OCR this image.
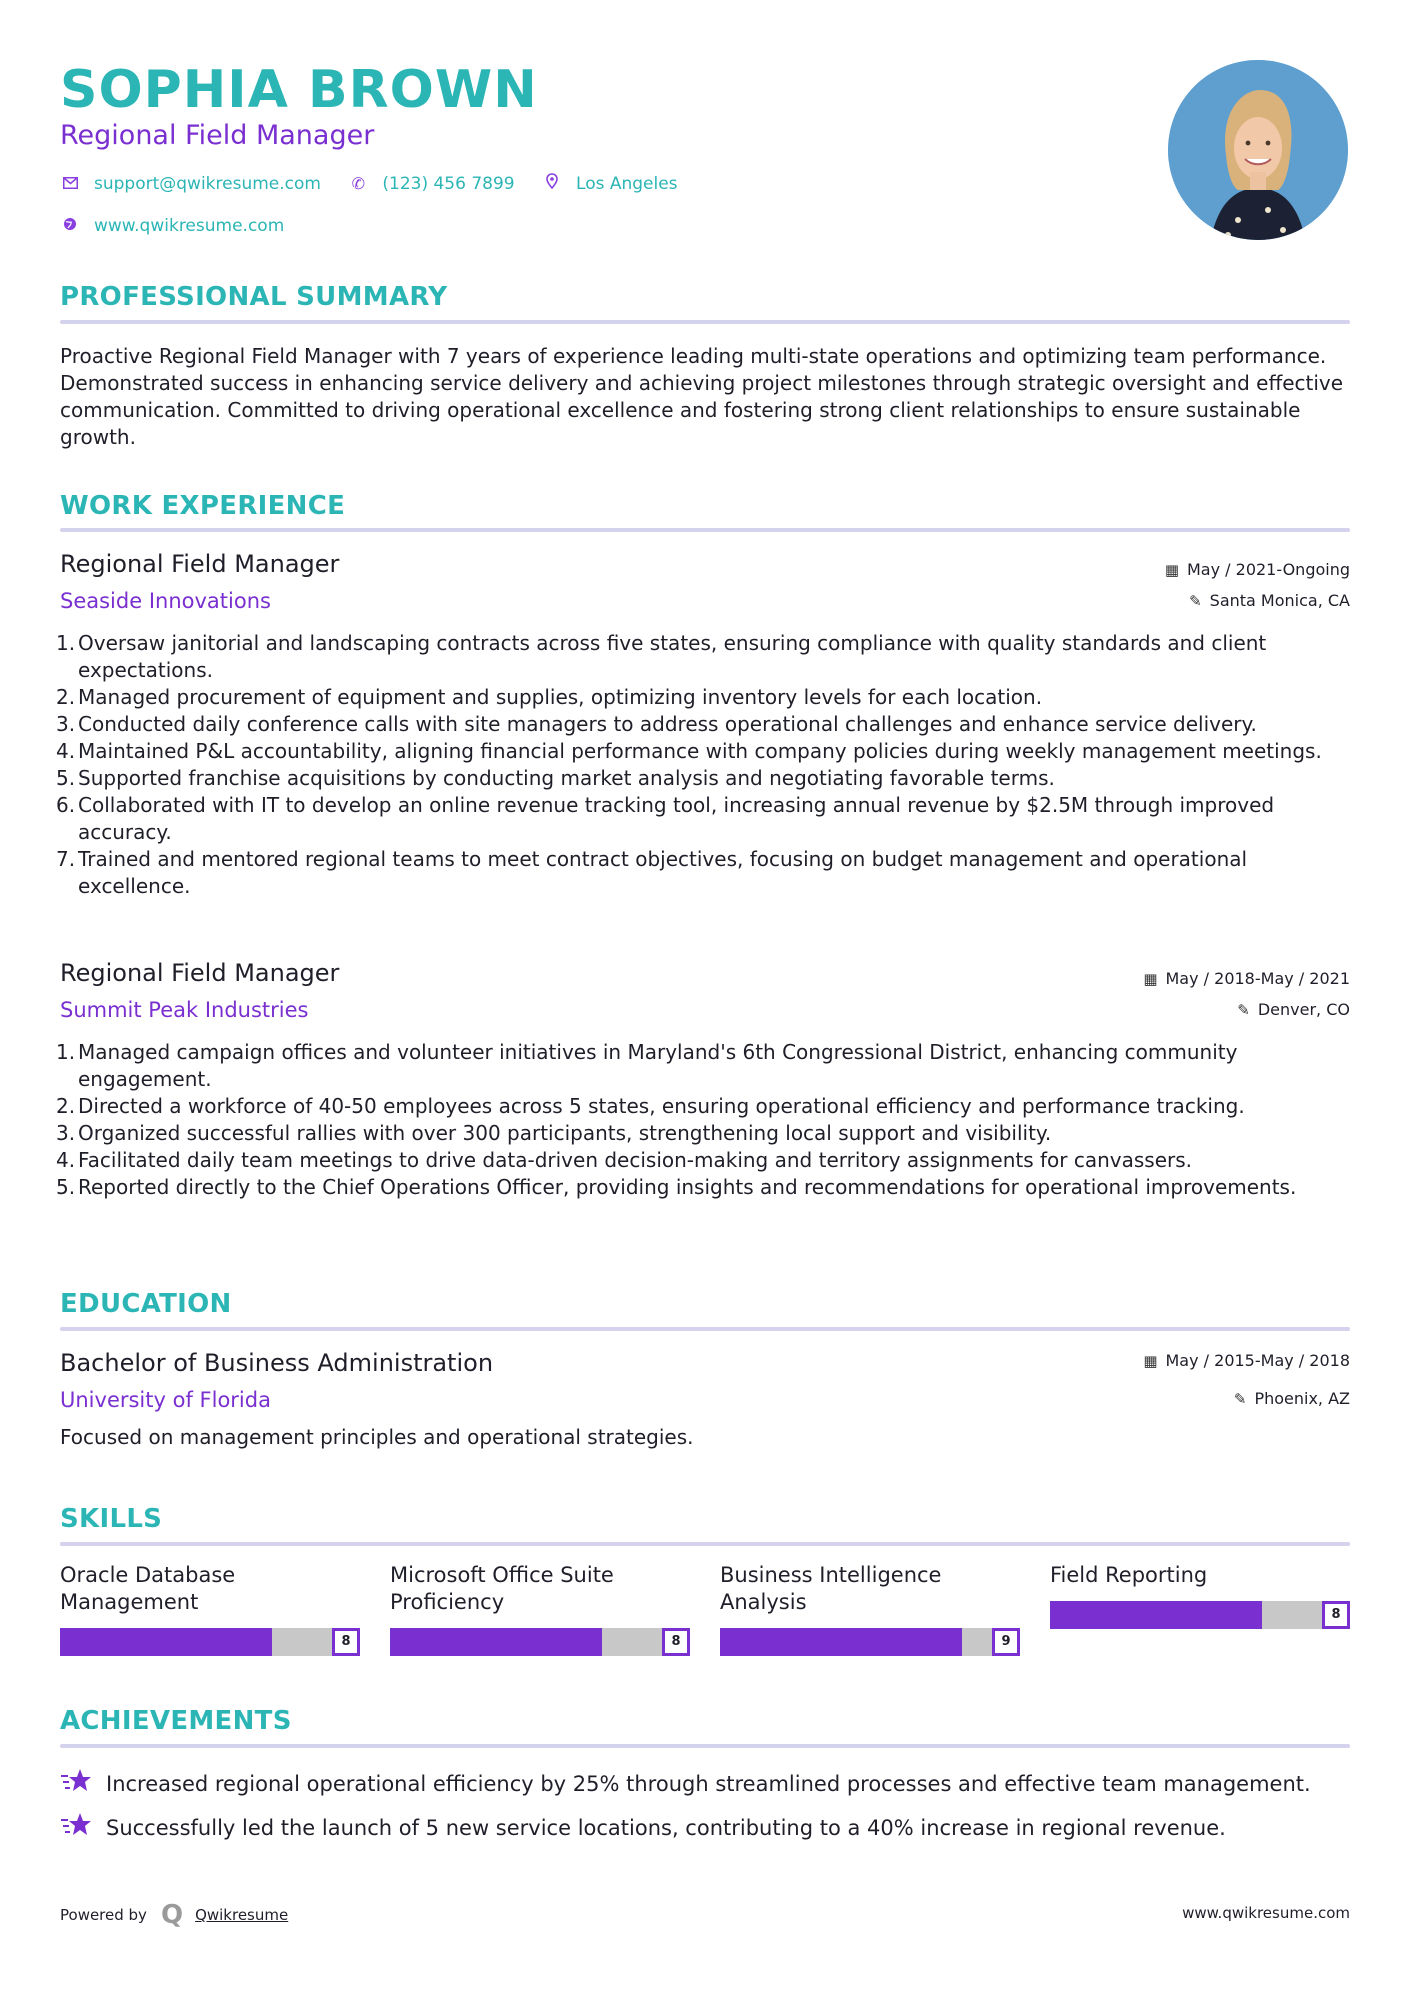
SOPHIA BROWN
Regional Field Manager
support@qwikresume.com
✆ (123) 456 7899
	Los Angeles
www.qwikresume.com
PROFESSIONAL SUMMARY
Proactive Regional Field Manager with 7 years of experience leading multi-state operations and optimizing team performance. Demonstrated success in enhancing service delivery and achieving project milestones through strategic oversight and effective communication. Committed to driving operational excellence and fostering strong client relationships to ensure sustainable growth.
WORK EXPERIENCE
Regional Field Manager
Seaside Innovations
▦ May / 2021-Ongoing
✎ Santa Monica, CA
1. Oversaw janitorial and landscaping contracts across five states, ensuring compliance with quality standards and client expectations.
2. Managed procurement of equipment and supplies, optimizing inventory levels for each location.
3. Conducted daily conference calls with site managers to address operational challenges and enhance service delivery.
4. Maintained P&L accountability, aligning financial performance with company policies during weekly management meetings.
5. Supported franchise acquisitions by conducting market analysis and negotiating favorable terms.
6. Collaborated with IT to develop an online revenue tracking tool, increasing annual revenue by $2.5M through improved accuracy.
7. Trained and mentored regional teams to meet contract objectives, focusing on budget management and operational excellence.
Regional Field Manager
Summit Peak Industries
▦ May / 2018-May / 2021
✎ Denver, CO
1. Managed campaign offices and volunteer initiatives in Maryland's 6th Congressional District, enhancing community engagement.
2. Directed a workforce of 40-50 employees across 5 states, ensuring operational efficiency and performance tracking.
3. Organized successful rallies with over 300 participants, strengthening local support and visibility.
4. Facilitated daily team meetings to drive data-driven decision-making and territory assignments for canvassers.
5. Reported directly to the Chief Operations Officer, providing insights and recommendations for operational improvements.
EDUCATION
Bachelor of Business Administration
University of Florida
▦ May / 2015-May / 2018
✎ Phoenix, AZ
Focused on management principles and operational strategies.
SKILLS
Oracle Database Management
8
Microsoft Office Suite Proficiency
8
Business Intelligence Analysis
9
Field Reporting
8
ACHIEVEMENTS
Increased regional operational efficiency by 25% through streamlined processes and effective team management.
Successfully led the launch of 5 new service locations, contributing to a 40% increase in regional revenue.
Powered by Q Qwikresume	www.qwikresume.com
